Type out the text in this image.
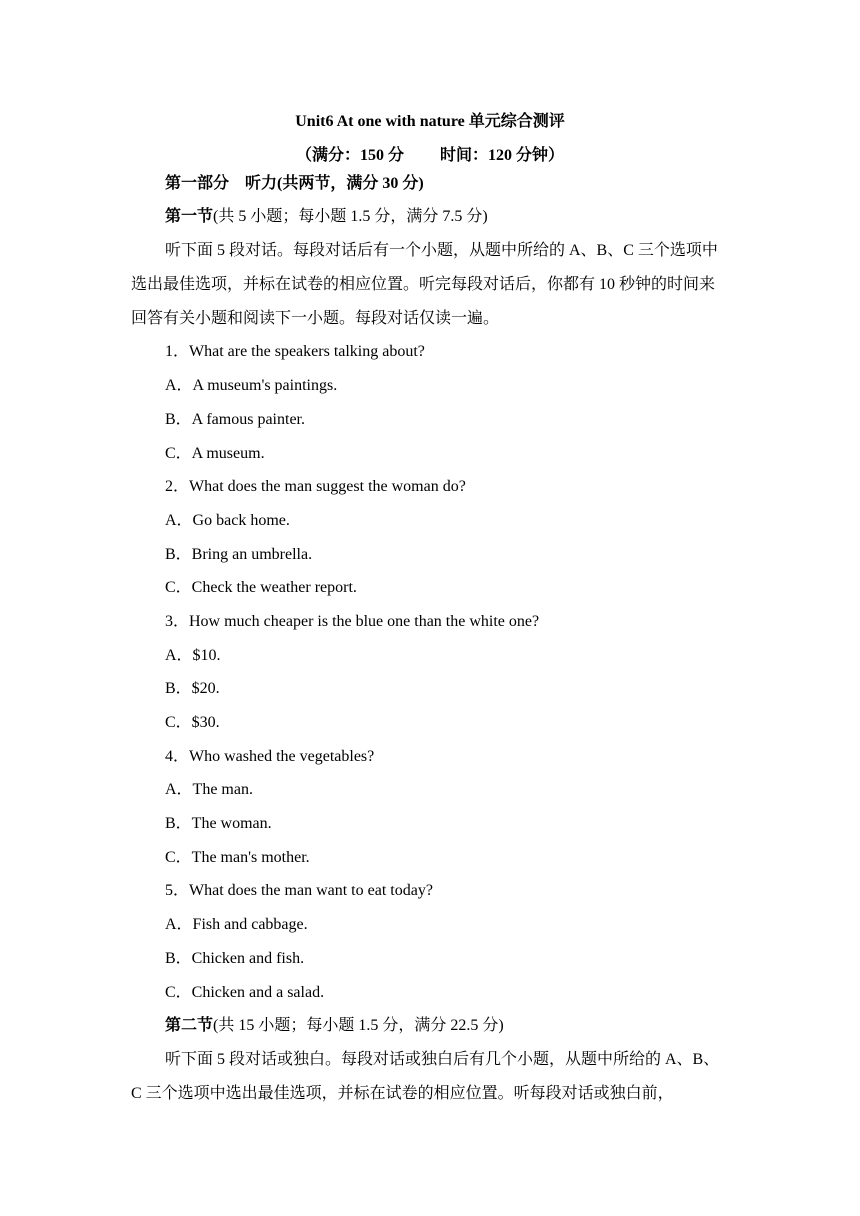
Unit6 At one with nature 单元综合测评
（满分：150 分　　 时间：120 分钟）
第一部分　听力(共两节，满分 30 分)
第一节(共 5 小题；每小题 1.5 分，满分 7.5 分)
听下面 5 段对话。每段对话后有一个小题，从题中所给的 A、B、C 三个选项中选出最佳选项，并标在试卷的相应位置。听完每段对话后，你都有 10 秒钟的时间来回答有关小题和阅读下一小题。每段对话仅读一遍。
1．What are the speakers talking about?
A．A museum's paintings.
B．A famous painter.
C．A museum.
2．What does the man suggest the woman do?
A．Go back home.
B．Bring an umbrella.
C．Check the weather report.
3．How much cheaper is the blue one than the white one?
A．$10.
B．$20.
C．$30.
4．Who washed the vegetables?
A．The man.
B．The woman.
C．The man's mother.
5．What does the man want to eat today?
A．Fish and cabbage.
B．Chicken and fish.
C．Chicken and a salad.
第二节(共 15 小题；每小题 1.5 分，满分 22.5 分)
听下面 5 段对话或独白。每段对话或独白后有几个小题，从题中所给的 A、B、C 三个选项中选出最佳选项，并标在试卷的相应位置。听每段对话或独白前，
